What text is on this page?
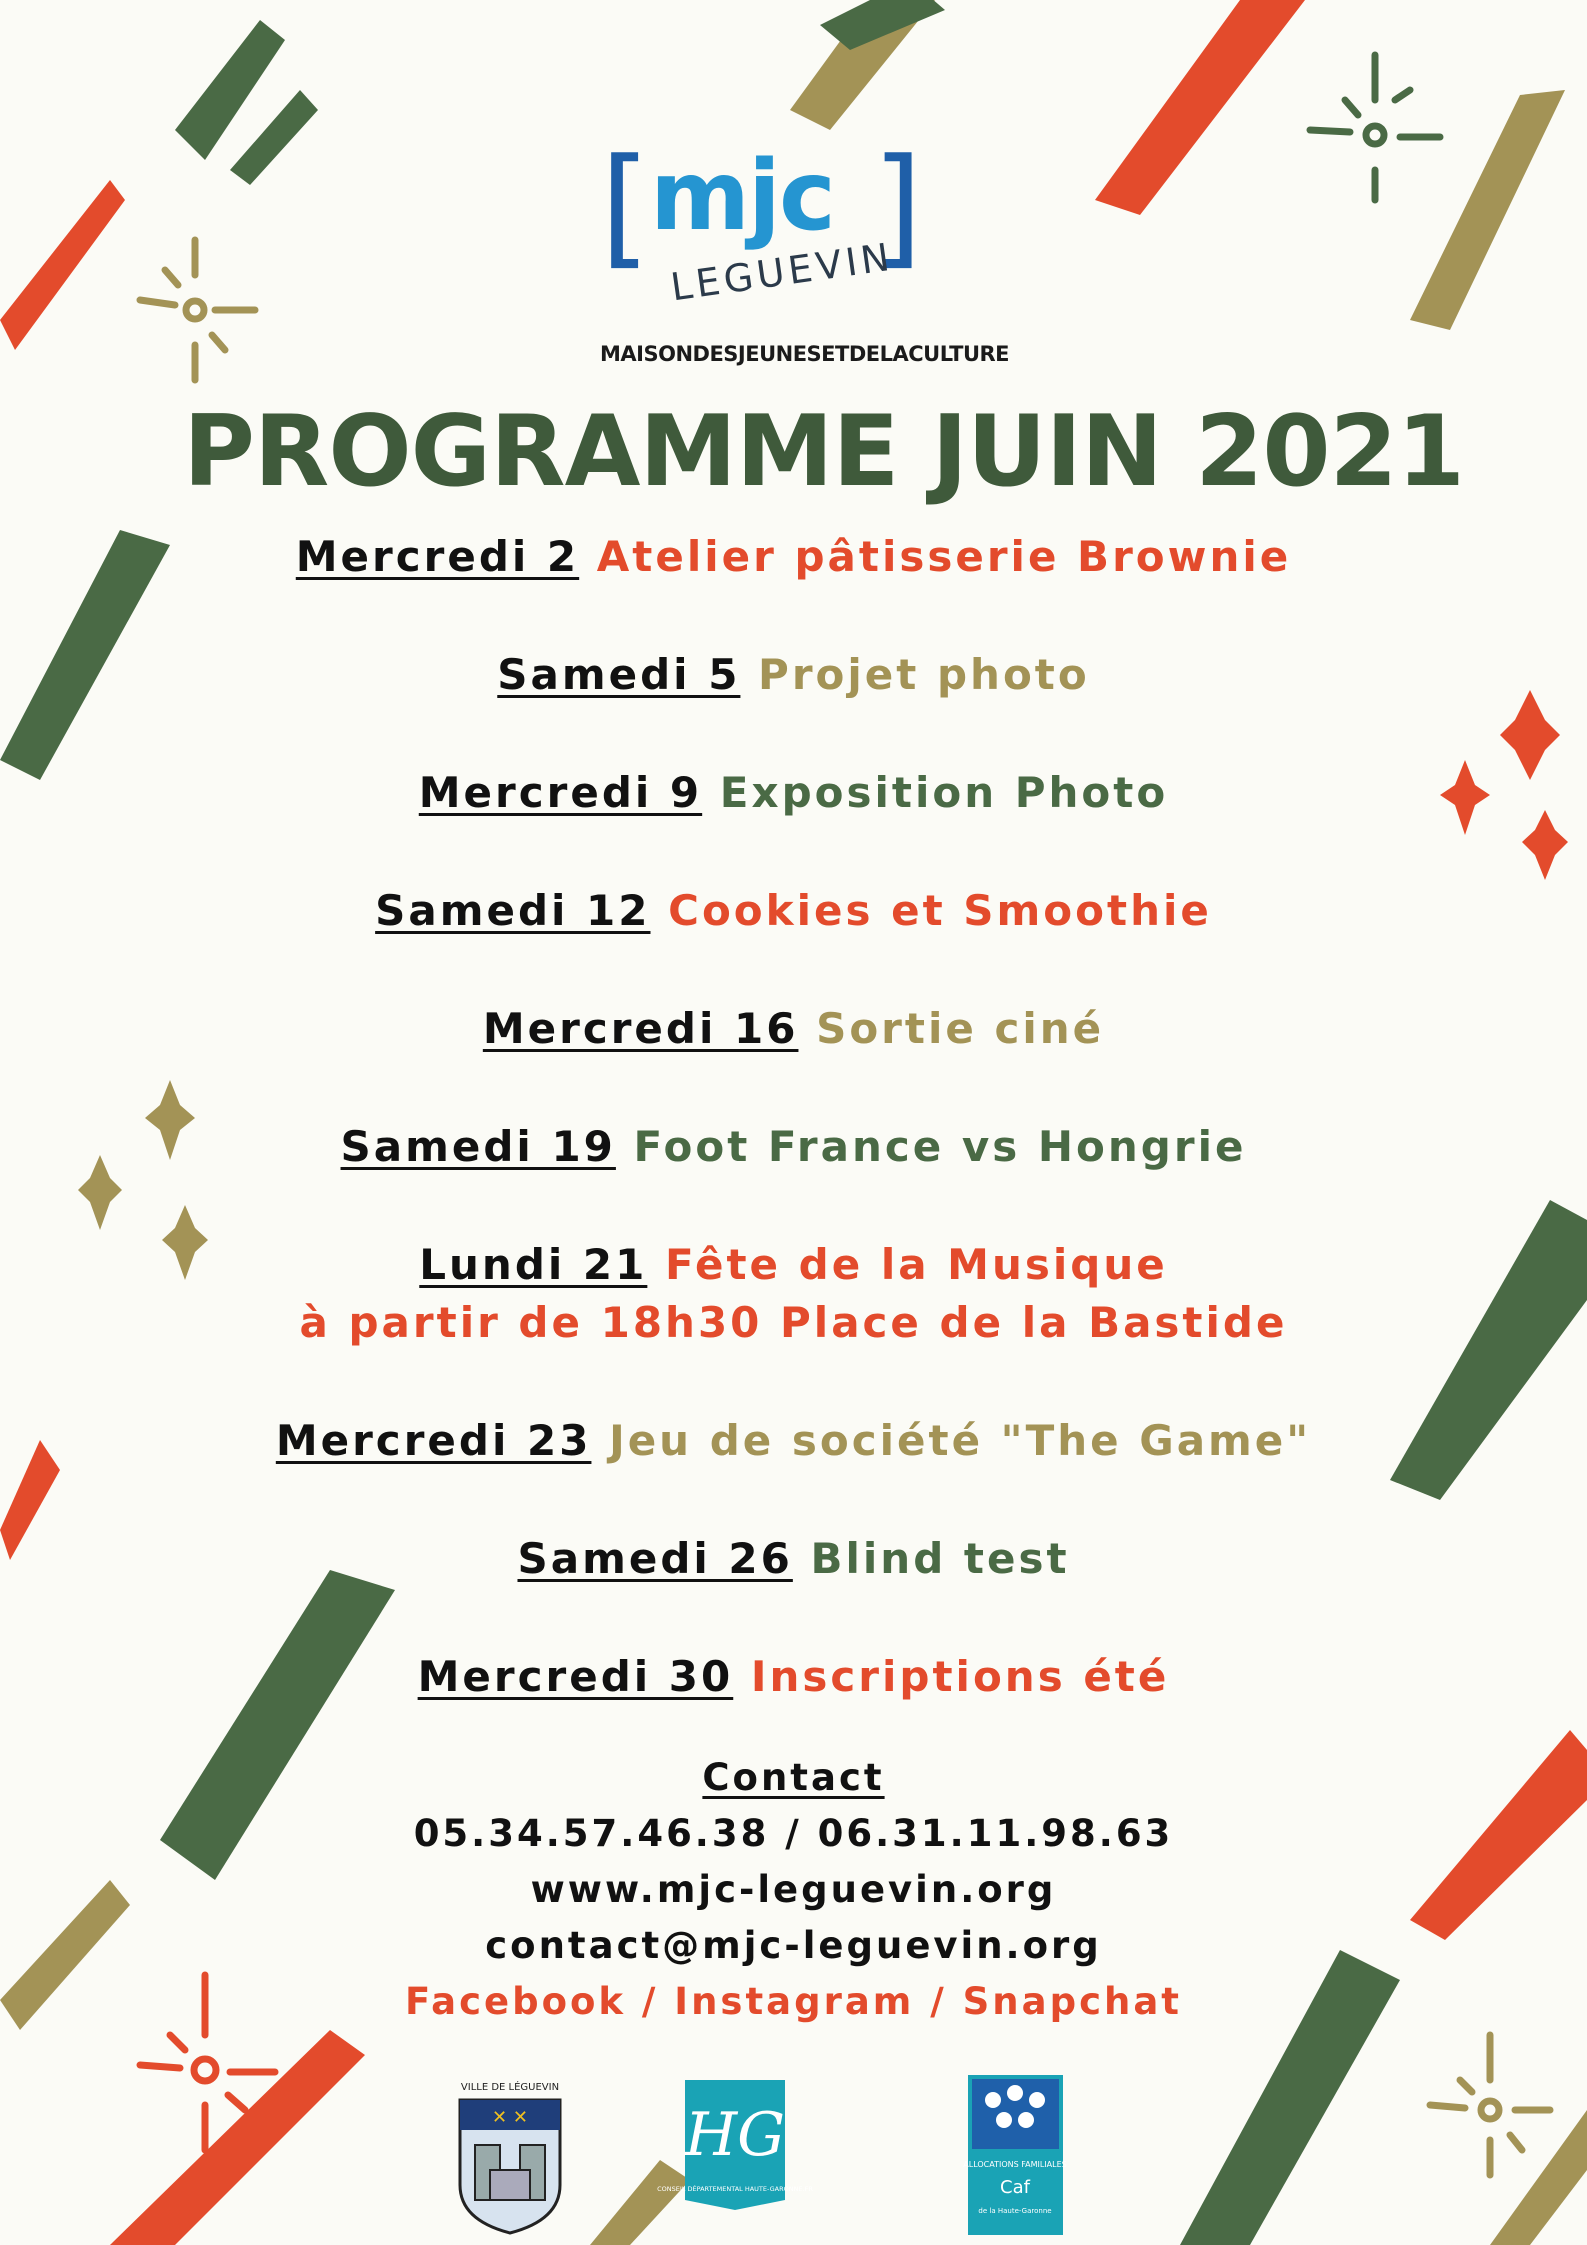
[ mjc ]
LEGUEVIN
MAISONDESJEUNESETDELACULTURE
PROGRAMME JUIN 2021
Mercredi 2 Atelier pâtisserie Brownie
Samedi 5 Projet photo
Mercredi 9 Exposition Photo
Samedi 12 Cookies et Smoothie
Mercredi 16 Sortie ciné
Samedi 19 Foot France vs Hongrie
Lundi 21 Fête de la Musique
à partir de 18h30 Place de la Bastide
Mercredi 23 Jeu de société "The Game"
Samedi 26 Blind test
Mercredi 30 Inscriptions été
Contact
05.34.57.46.38 / 06.31.11.98.63
www.mjc-leguevin.org
contact@mjc-leguevin.org
Facebook / Instagram / Snapchat
VILLE DE LÉGUEVIN
✕ ✕	HG
CONSEIL DÉPARTEMENTAL HAUTE-GARONNE.FR
ALLOCATIONS FAMILIALES
Caf
de la Haute-Garonne
